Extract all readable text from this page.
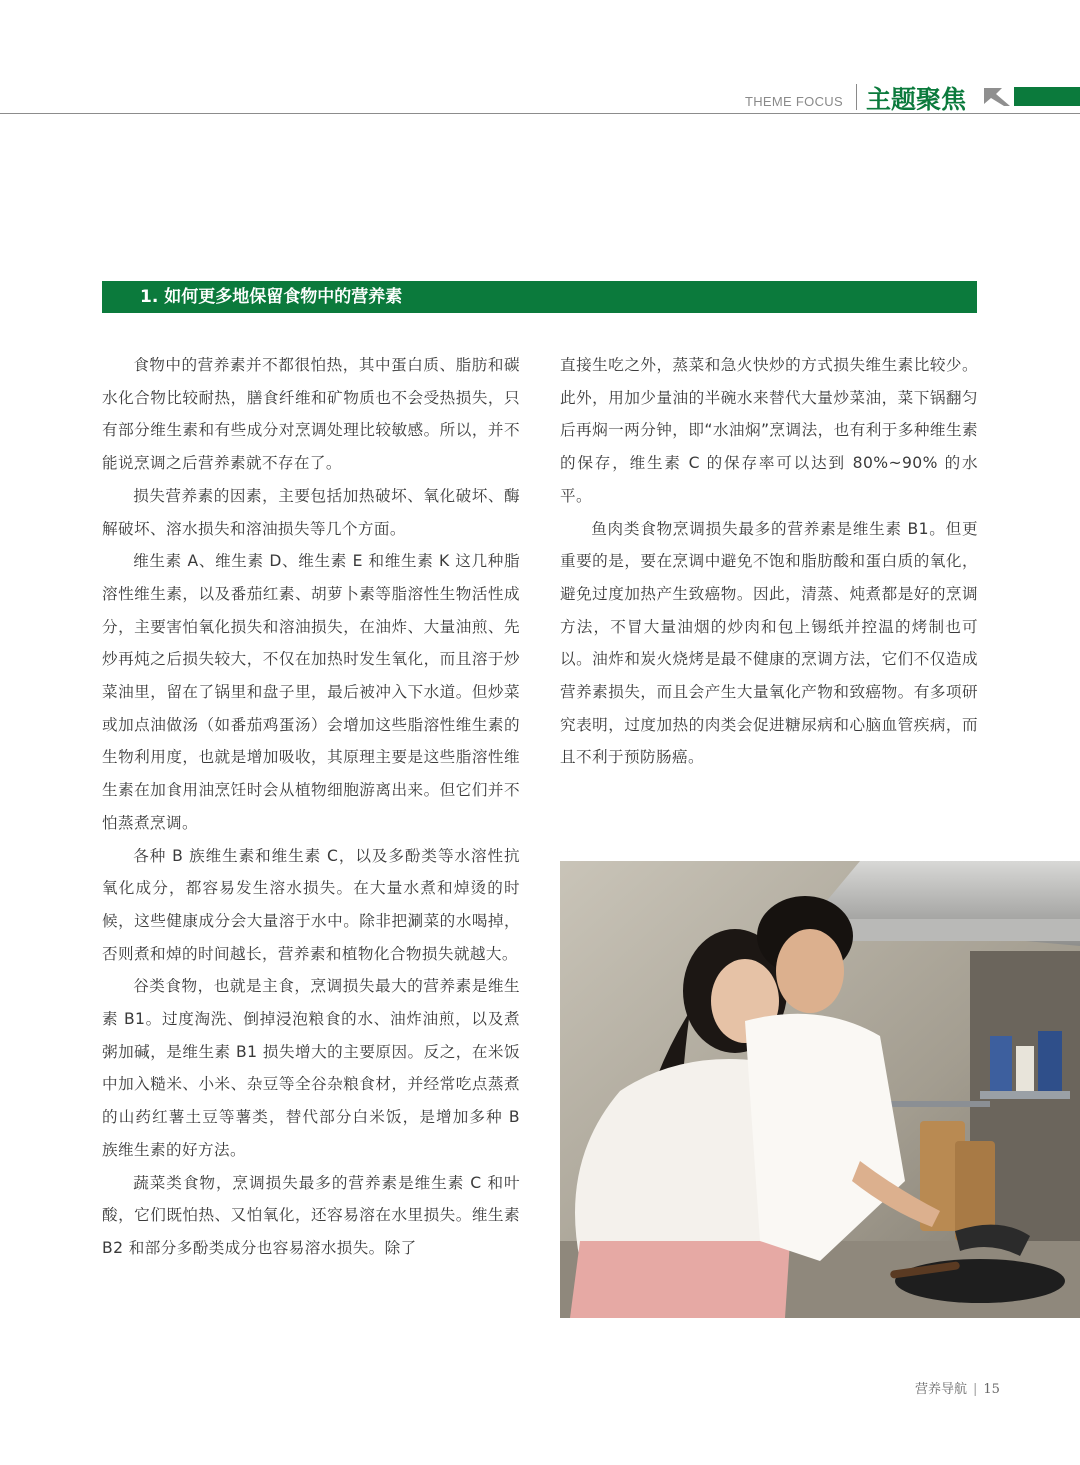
THEME FOCUS 主题聚焦
1. 如何更多地保留食物中的营养素

食物中的营养素并不都很怕热，其中蛋白质、脂肪和碳水化合物比较耐热，膳食纤维和矿物质也不会受热损失，只有部分维生素和有些成分对烹调处理比较敏感。所以，并不能说烹调之后营养素就不存在了。

损失营养素的因素，主要包括加热破坏、氧化破坏、酶解破坏、溶水损失和溶油损失等几个方面。

维生素 A、维生素 D、维生素 E 和维生素 K 这几种脂溶性维生素，以及番茄红素、胡萝卜素等脂溶性生物活性成分，主要害怕氧化损失和溶油损失，在油炸、大量油煎、先炒再炖之后损失较大，不仅在加热时发生氧化，而且溶于炒菜油里，留在了锅里和盘子里，最后被冲入下水道。但炒菜或加点油做汤（如番茄鸡蛋汤）会增加这些脂溶性维生素的生物利用度，也就是增加吸收，其原理主要是这些脂溶性维生素在加食用油烹饪时会从植物细胞游离出来。但它们并不怕蒸煮烹调。

各种 B 族维生素和维生素 C，以及多酚类等水溶性抗氧化成分，都容易发生溶水损失。在大量水煮和焯烫的时候，这些健康成分会大量溶于水中。除非把涮菜的水喝掉，否则煮和焯的时间越长，营养素和植物化合物损失就越大。

谷类食物，也就是主食，烹调损失最大的营养素是维生素 B1。过度淘洗、倒掉浸泡粮食的水、油炸油煎，以及煮粥加碱，是维生素 B1 损失增大的主要原因。反之，在米饭中加入糙米、小米、杂豆等全谷杂粮食材，并经常吃点蒸煮的山药红薯土豆等薯类，替代部分白米饭，是增加多种 B 族维生素的好方法。

蔬菜类食物，烹调损失最多的营养素是维生素 C 和叶酸，它们既怕热、又怕氧化，还容易溶在水里损失。维生素 B2 和部分多酚类成分也容易溶水损失。除了

直接生吃之外，蒸菜和急火快炒的方式损失维生素比较少。此外，用加少量油的半碗水来替代大量炒菜油，菜下锅翻匀后再焖一两分钟，即“水油焖”烹调法，也有利于多种维生素的保存，维生素 C 的保存率可以达到 80%~90% 的水平。

鱼肉类食物烹调损失最多的营养素是维生素 B1。但更重要的是，要在烹调中避免不饱和脂肪酸和蛋白质的氧化，避免过度加热产生致癌物。因此，清蒸、炖煮都是好的烹调方法，不冒大量油烟的炒肉和包上锡纸并控温的烤制也可以。油炸和炭火烧烤是最不健康的烹调方法，它们不仅造成营养素损失，而且会产生大量氧化产物和致癌物。有多项研究表明，过度加热的肉类会促进糖尿病和心脑血管疾病，而且不利于预防肠癌。

营养导航 | 15
